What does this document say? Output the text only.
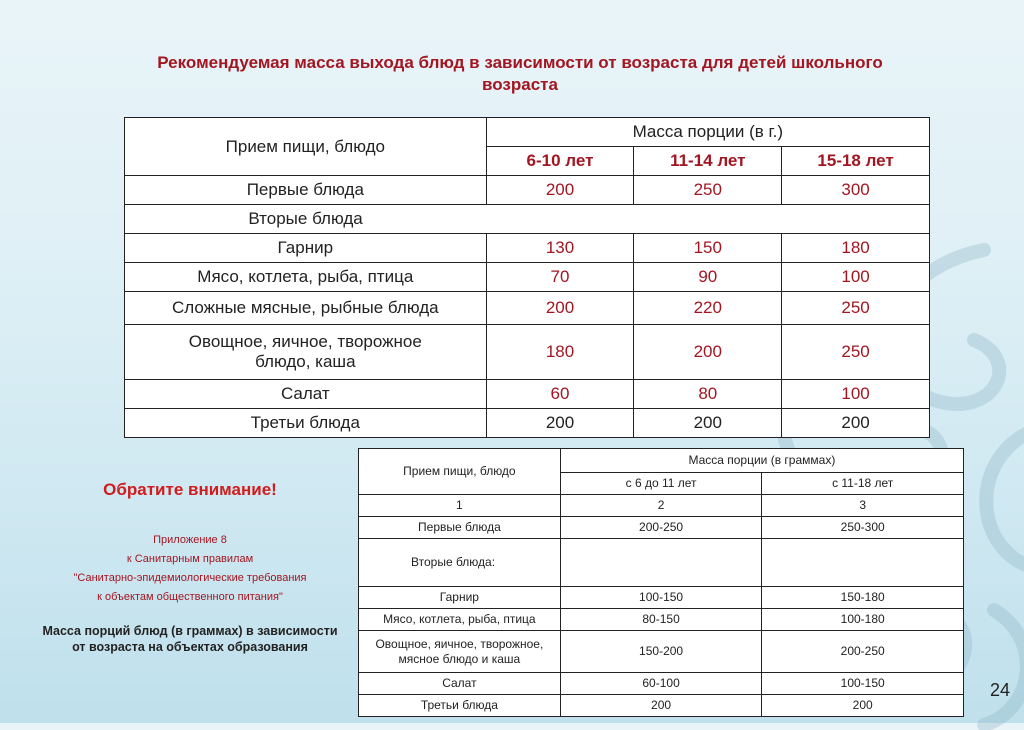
Рекомендуемая масса выхода блюд в зависимости от возраста для детей школьного возраста
Прием пищи, блюдо	Масса порции (в г.)		
	6-10 лет	11-14 лет	15-18 лет
Первые блюда	200	250	300
Вторые блюда			
Гарнир	130	150	180
Мясо, котлета, рыба, птица	70	90	100
Сложные мясные, рыбные блюда	200	220	250
Овощное, яичное, творожное блюдо, каша	180	200	250
Салат	60	80	100
Третьи блюда	200	200	200
Обратите внимание!
Приложение 8
к Санитарным правилам
"Санитарно-эпидемиологические требования
к объектам общественного питания"
Масса порций блюд (в граммах) в зависимости от возраста на объектах образования
Прием пищи, блюдо	Масса порции (в граммах)	
	с 6 до 11 лет	с 11-18 лет
1	2	3
Первые блюда	200-250	250-300
Вторые блюда:		
Гарнир	100-150	150-180
Мясо, котлета, рыба, птица	80-150	100-180
Овощное, яичное, творожное, мясное блюдо и каша	150-200	200-250
Салат	60-100	100-150
Третьи блюда	200	200
24
